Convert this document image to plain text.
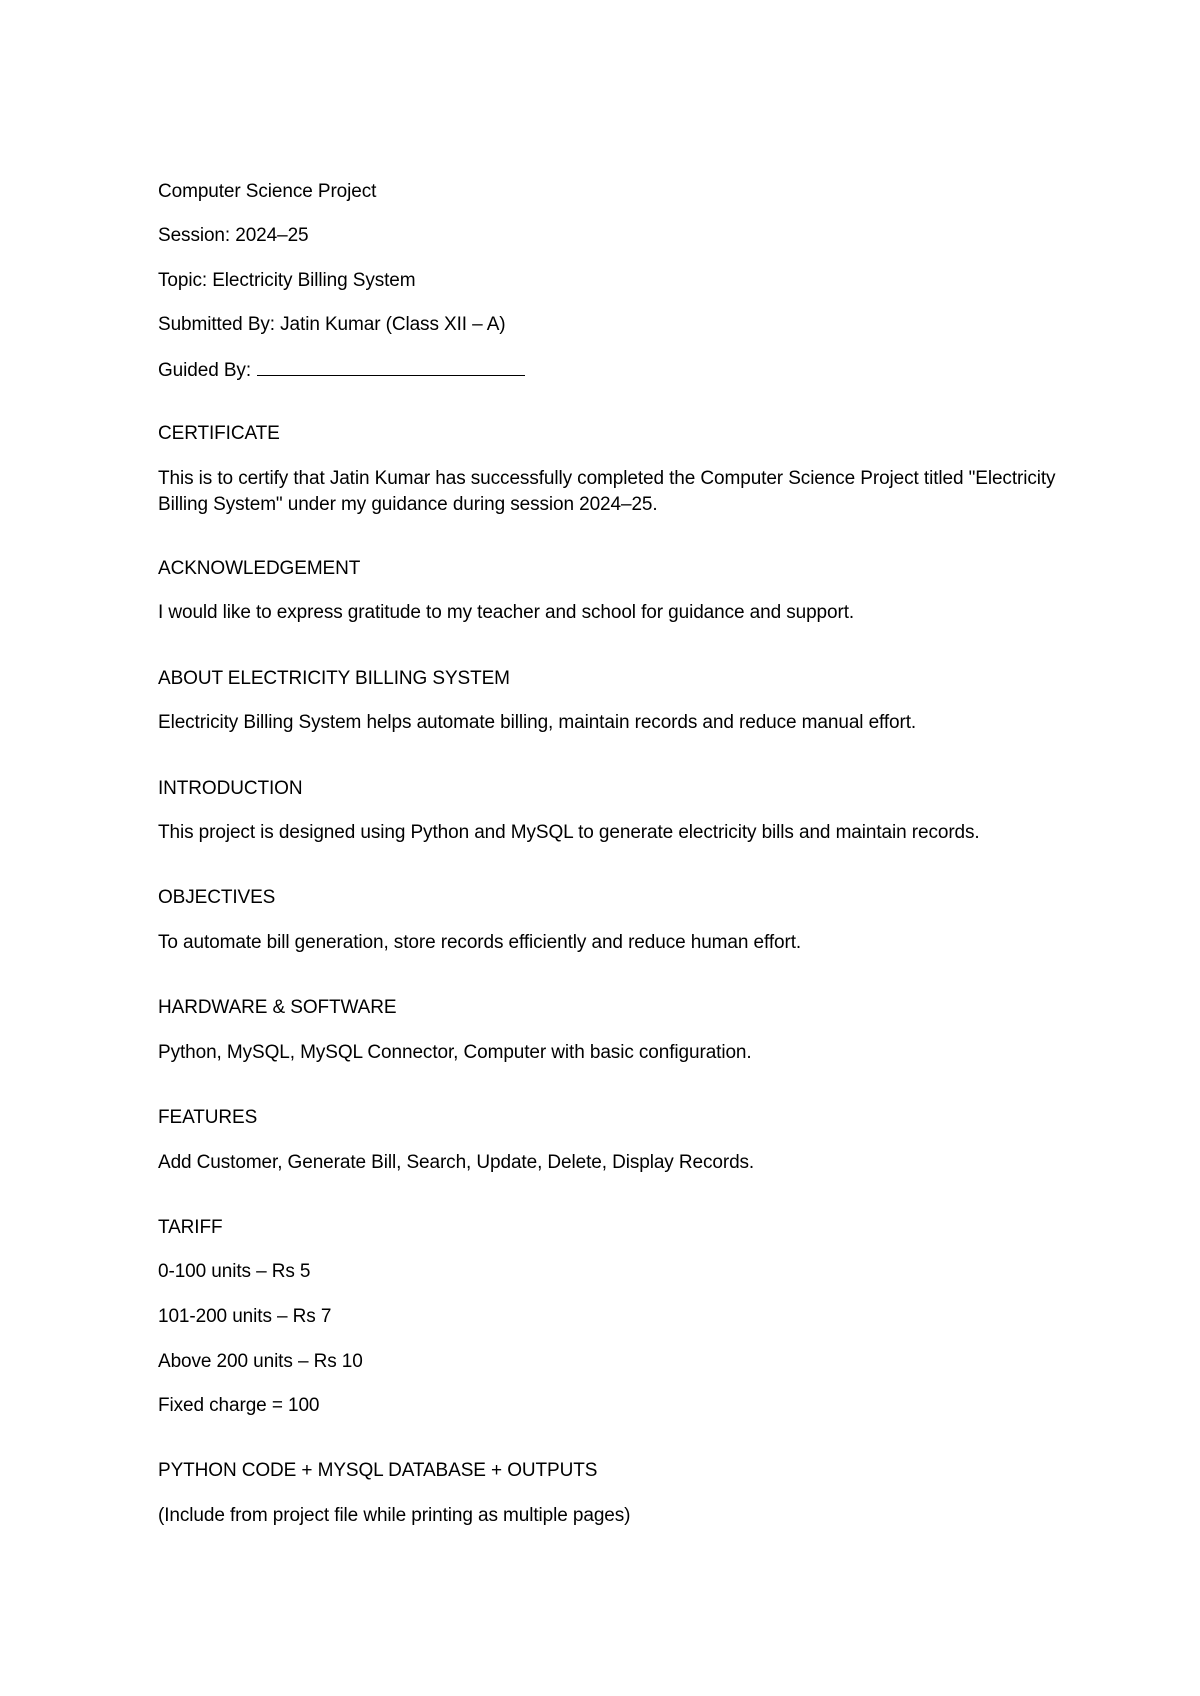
Computer Science Project
Session: 2024–25
Topic: Electricity Billing System
Submitted By: Jatin Kumar (Class XII – A)
Guided By:
CERTIFICATE
This is to certify that Jatin Kumar has successfully completed the Computer Science Project titled "Electricity Billing System" under my guidance during session 2024–25.
ACKNOWLEDGEMENT
I would like to express gratitude to my teacher and school for guidance and support.
ABOUT ELECTRICITY BILLING SYSTEM
Electricity Billing System helps automate billing, maintain records and reduce manual effort.
INTRODUCTION
This project is designed using Python and MySQL to generate electricity bills and maintain records.
OBJECTIVES
To automate bill generation, store records efficiently and reduce human effort.
HARDWARE & SOFTWARE
Python, MySQL, MySQL Connector, Computer with basic configuration.
FEATURES
Add Customer, Generate Bill, Search, Update, Delete, Display Records.
TARIFF
0-100 units – Rs 5
101-200 units – Rs 7
Above 200 units – Rs 10
Fixed charge = 100
PYTHON CODE + MYSQL DATABASE + OUTPUTS
(Include from project file while printing as multiple pages)
